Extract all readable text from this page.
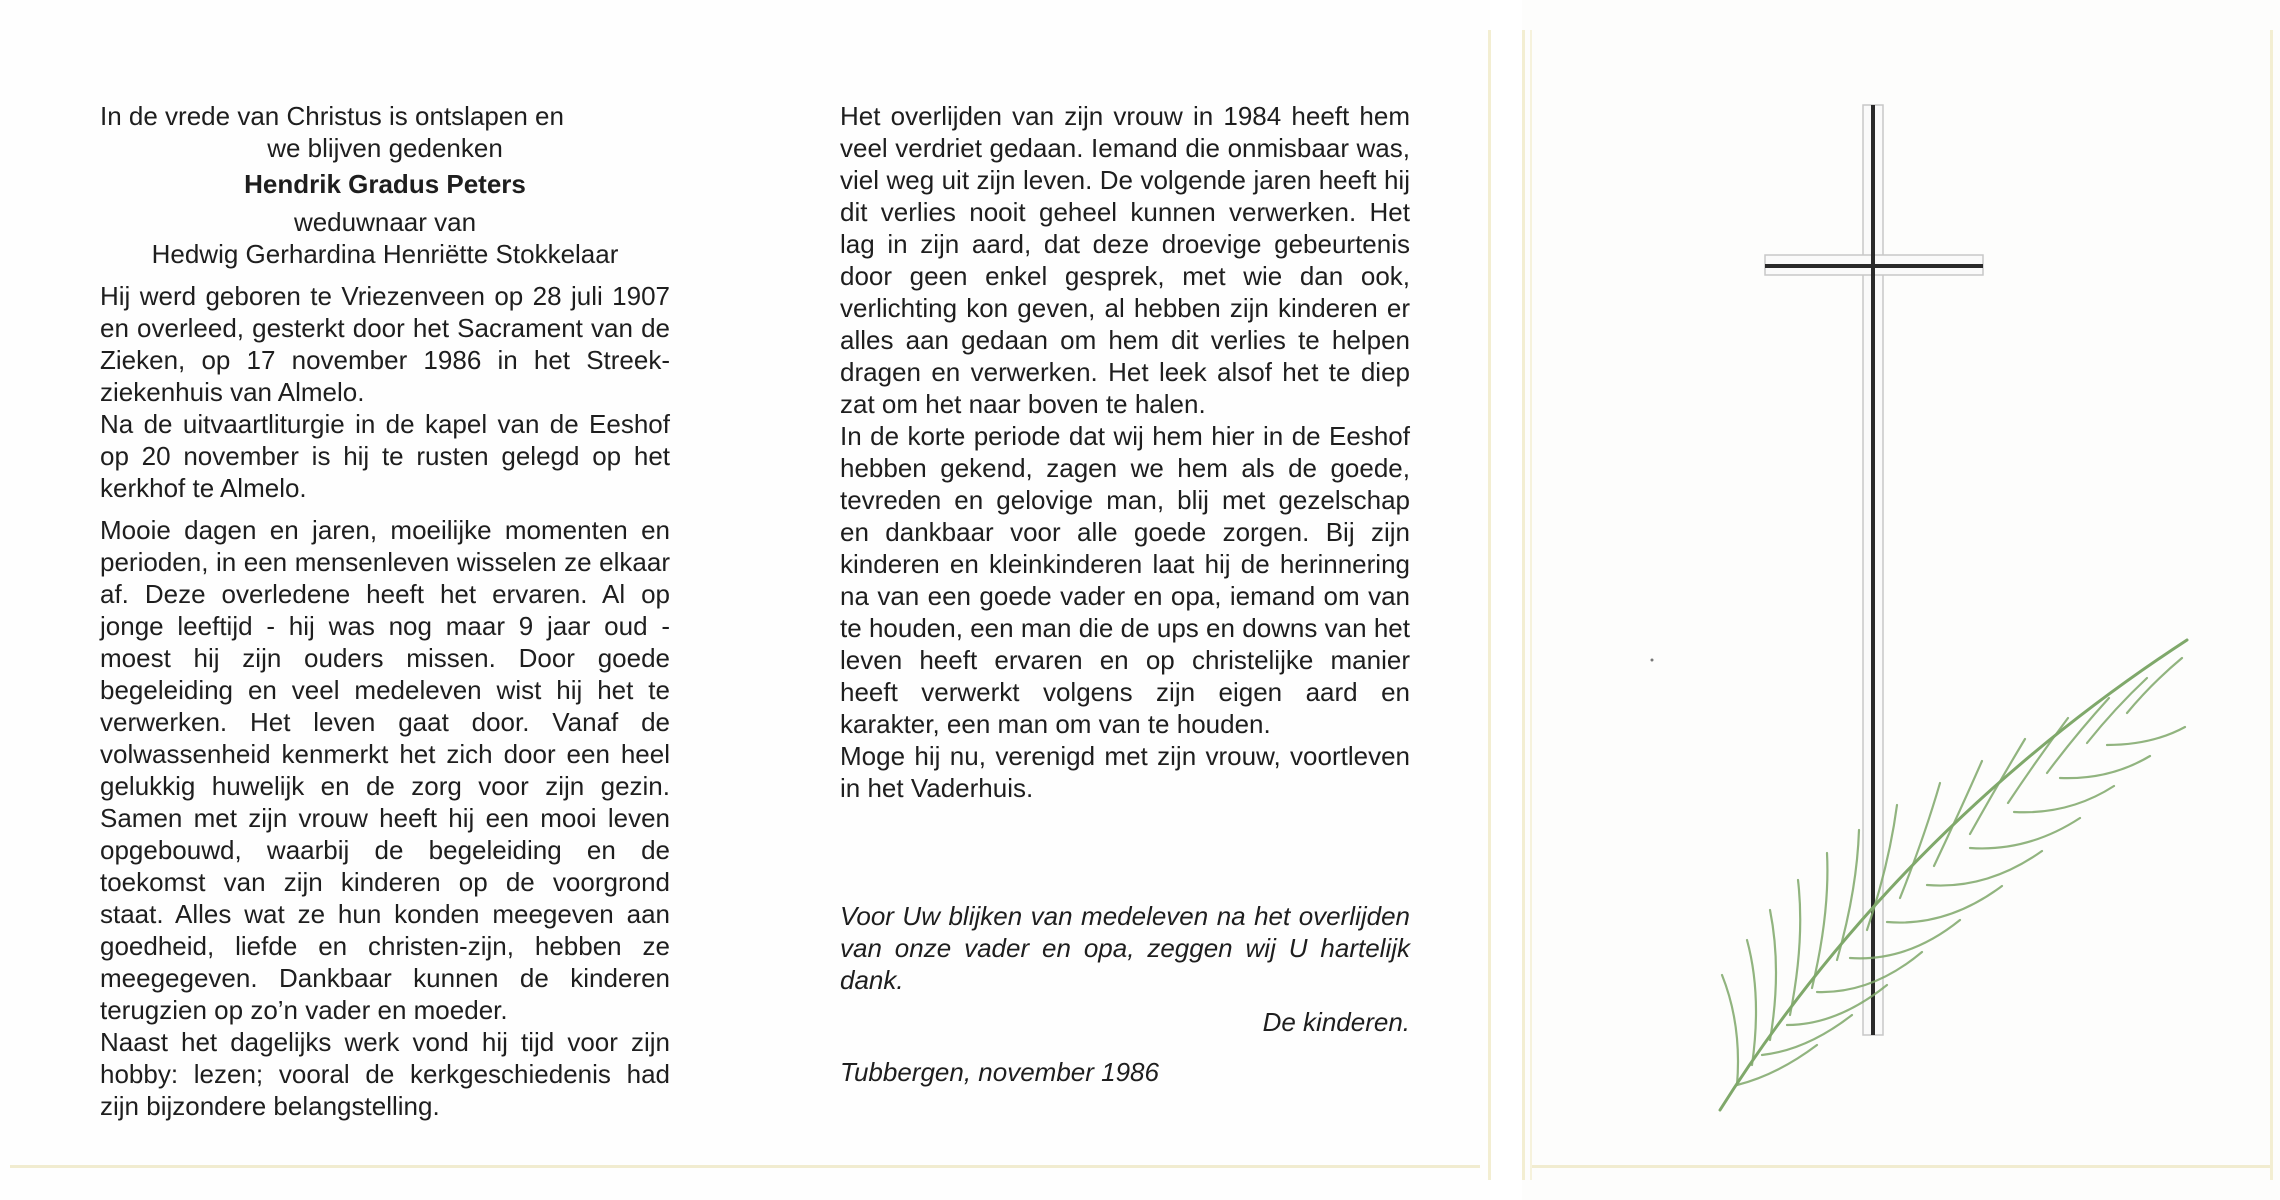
In de vrede van Christus is ontslapen en

we blijven gedenken

Hendrik Gradus Peters

weduwnaar van

Hedwig Gerhardina Henriëtte Stokkelaar

Hij werd geboren te Vriezenveen op 28 juli 1907 en overleed, gesterkt door het Sacrament van de Zieken, op 17 november 1986 in het Streek-ziekenhuis van Almelo.

Na de uitvaartliturgie in de kapel van de Eeshof op 20 november is hij te rusten gelegd op het kerkhof te Almelo.

Mooie dagen en jaren, moeilijke momenten en perioden, in een mensenleven wisselen ze elkaar af. Deze overledene heeft het ervaren. Al op jonge leeftijd - hij was nog maar 9 jaar oud - moest hij zijn ouders missen. Door goede begeleiding en veel medeleven wist hij het te verwerken. Het leven gaat door. Vanaf de volwassenheid kenmerkt het zich door een heel gelukkig huwelijk en de zorg voor zijn gezin. Samen met zijn vrouw heeft hij een mooi leven opgebouwd, waarbij de begeleiding en de toekomst van zijn kinderen op de voorgrond staat. Alles wat ze hun konden meegeven aan goedheid, liefde en christen-zijn, hebben ze meegegeven. Dankbaar kunnen de kinderen terugzien op zo’n vader en moeder.

Naast het dagelijks werk vond hij tijd voor zijn hobby: lezen; vooral de kerkgeschiedenis had zijn bijzondere belangstelling.

Het overlijden van zijn vrouw in 1984 heeft hem veel verdriet gedaan. Iemand die onmisbaar was, viel weg uit zijn leven. De volgende jaren heeft hij dit verlies nooit geheel kunnen verwerken. Het lag in zijn aard, dat deze droevige gebeurtenis door geen enkel gesprek, met wie dan ook, verlichting kon geven, al hebben zijn kinderen er alles aan gedaan om hem dit verlies te helpen dragen en verwerken. Het leek alsof het te diep zat om het naar boven te halen.

In de korte periode dat wij hem hier in de Eeshof hebben gekend, zagen we hem als de goede, tevreden en gelovige man, blij met gezelschap en dankbaar voor alle goede zorgen. Bij zijn kinderen en kleinkinderen laat hij de herinnering na van een goede vader en opa, iemand om van te houden, een man die de ups en downs van het leven heeft ervaren en op christelijke manier heeft verwerkt volgens zijn eigen aard en karakter, een man om van te houden.

Moge hij nu, verenigd met zijn vrouw, voortleven in het Vaderhuis.

Voor Uw blijken van medeleven na het overlijden van onze vader en opa, zeggen wij U hartelijk dank.

De kinderen.

Tubbergen, november 1986
